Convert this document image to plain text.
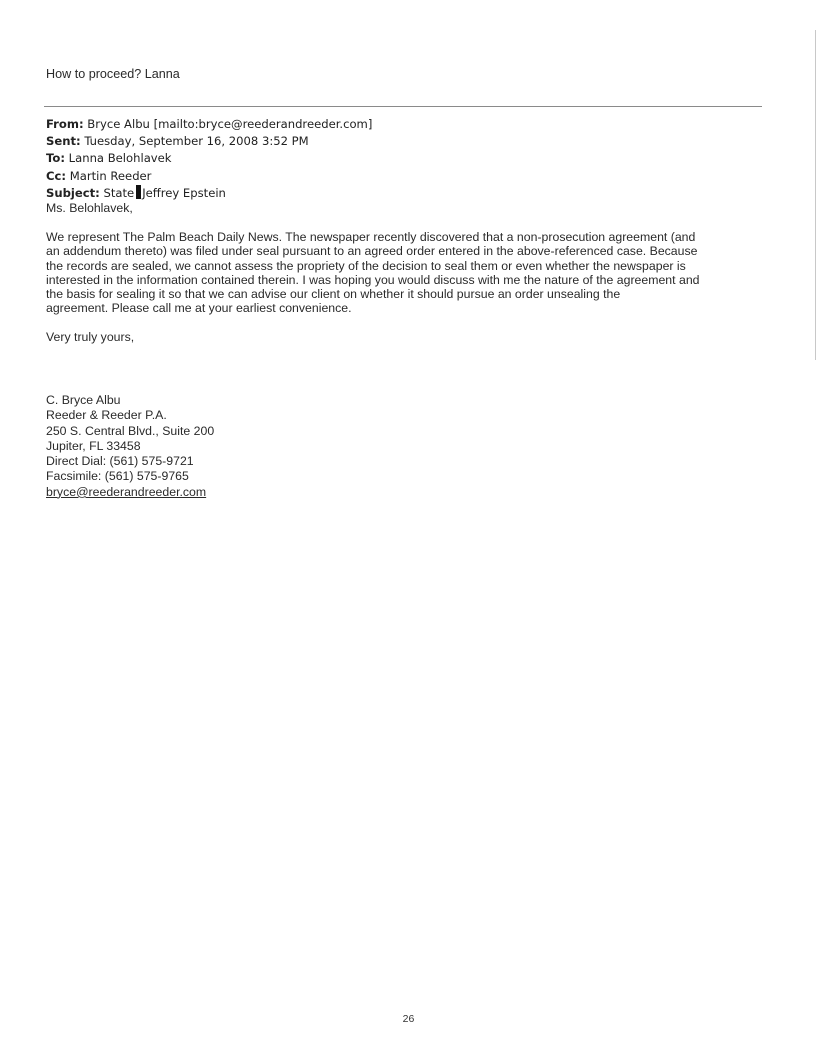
How to proceed? Lanna
From: Bryce Albu [mailto:bryce@reederandreeder.com]
Sent: Tuesday, September 16, 2008 3:52 PM
To: Lanna Belohlavek
Cc: Martin Reeder
Subject: State Jeffrey Epstein
Ms. Belohlavek,
We represent The Palm Beach Daily News. The newspaper recently discovered that a non-prosecution agreement (and
an addendum thereto) was filed under seal pursuant to an agreed order entered in the above-referenced case. Because
the records are sealed, we cannot assess the propriety of the decision to seal them or even whether the newspaper is
interested in the information contained therein. I was hoping you would discuss with me the nature of the agreement and
the basis for sealing it so that we can advise our client on whether it should pursue an order unsealing the
agreement. Please call me at your earliest convenience.
Very truly yours,
C. Bryce Albu
Reeder & Reeder P.A.
250 S. Central Blvd., Suite 200
Jupiter, FL 33458
Direct Dial: (561) 575-9721
Facsimile: (561) 575-9765
bryce@reederandreeder.com
26
